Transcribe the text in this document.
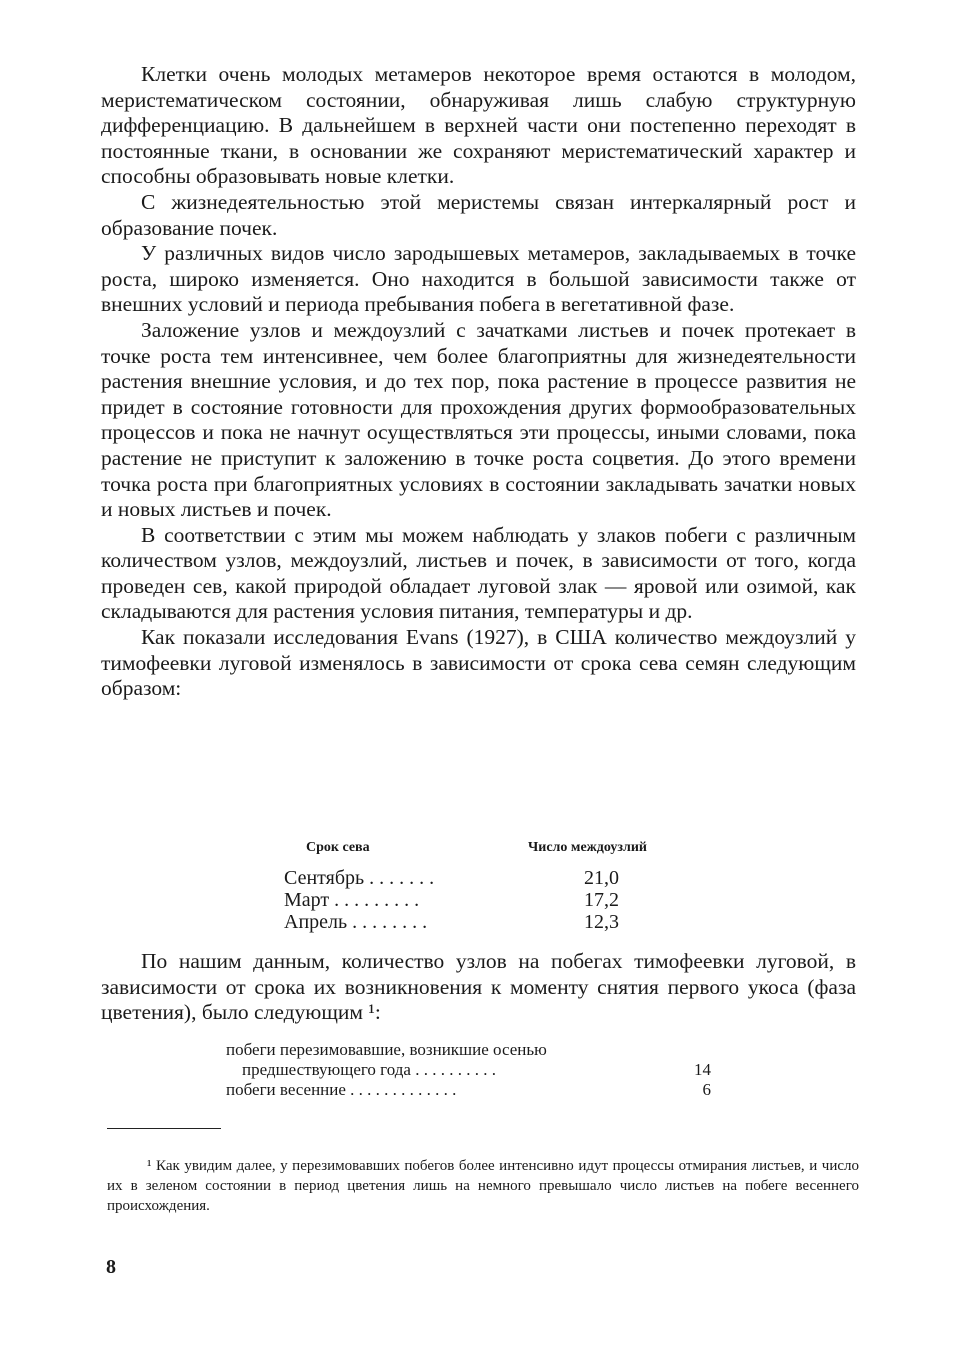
Клетки очень молодых метамеров некоторое время остаются в молодом, меристематическом состоянии, обнаруживая лишь слабую структурную дифференциацию. В дальнейшем в верхней части они постепенно переходят в постоянные ткани, в основании же сохраняют меристематический характер и способны образовывать новые клетки.

С жизнедеятельностью этой меристемы связан интеркалярный рост и образование почек.

У различных видов число зародышевых метамеров, закладываемых в точке роста, широко изменяется. Оно находится в большой зависимости также от внешних условий и периода пребывания побега в вегетативной фазе.

Заложение узлов и междоузлий с зачатками листьев и почек протекает в точке роста тем интенсивнее, чем более благоприятны для жизнедеятельности растения внешние условия, и до тех пор, пока растение в процессе развития не придет в состояние готовности для прохождения других формообразовательных процессов и пока не начнут осуществляться эти процессы, иными словами, пока растение не приступит к заложению в точке роста соцветия. До этого времени точка роста при благоприятных условиях в состоянии закладывать зачатки новых и новых листьев и почек.

В соответствии с этим мы можем наблюдать у злаков побеги с различным количеством узлов, междоузлий, листьев и почек, в зависимости от того, когда проведен сев, какой природой обладает луговой злак — яровой или озимой, как складываются для растения условия питания, температуры и др.

Как показали исследования Evans (1927), в США количество междоузлий у тимофеевки луговой изменялось в зависимости от срока сева семян следующим образом:

Срок сева	Число междоузлий
Сентябрь . . . . . . .	21,0
Март . . . . . . . . .	17,2
Апрель . . . . . . . .	12,3

По нашим данным, количество узлов на побегах тимофеевки луговой, в зависимости от срока их возникновения к моменту снятия первого укоса (фаза цветения), было следующим ¹:

побеги перезимовавшие, возникшие осенью
предшествующего года . . . . . . . . . .	14
побеги весенние . . . . . . . . . . . . .	6

¹ Как увидим далее, у перезимовавших побегов более интенсивно идут процессы отмирания листьев, и число их в зеленом состоянии в период цветения лишь на немного превышало число листьев на побеге весеннего происхождения.

8
